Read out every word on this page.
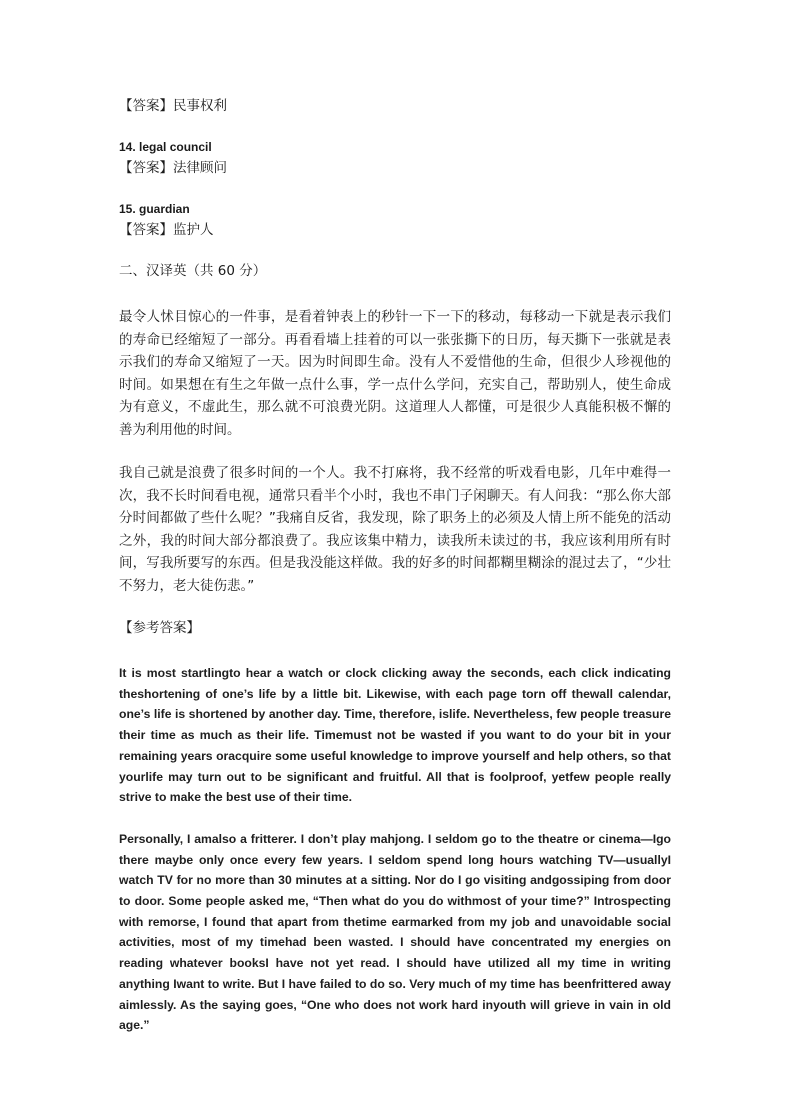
【答案】民事权利
14. legal council
【答案】法律顾问
15. guardian
【答案】监护人
二、汉译英（共 60 分）
最令人怵目惊心的一件事，是看着钟表上的秒针一下一下的移动，每移动一下就是表示我们的寿命已经缩短了一部分。再看看墙上挂着的可以一张张撕下的日历，每天撕下一张就是表示我们的寿命又缩短了一天。因为时间即生命。没有人不爱惜他的生命，但很少人珍视他的时间。如果想在有生之年做一点什么事，学一点什么学问，充实自己，帮助别人，使生命成为有意义，不虚此生，那么就不可浪费光阴。这道理人人都懂，可是很少人真能积极不懈的善为利用他的时间。
我自己就是浪费了很多时间的一个人。我不打麻将，我不经常的听戏看电影，几年中难得一次，我不长时间看电视，通常只看半个小时，我也不串门子闲聊天。有人问我：“那么你大部分时间都做了些什么呢？”我痛自反省，我发现，除了职务上的必须及人情上所不能免的活动之外，我的时间大部分都浪费了。我应该集中精力，读我所未读过的书，我应该利用所有时间，写我所要写的东西。但是我没能这样做。我的好多的时间都糊里糊涂的混过去了，“少壮不努力，老大徒伤悲。”
【参考答案】
It is most startlingto hear a watch or clock clicking away the seconds, each click indicating theshortening of one’s life by a little bit. Likewise, with each page torn off thewall calendar, one’s life is shortened by another day. Time, therefore, islife. Nevertheless, few people treasure their time as much as their life. Timemust not be wasted if you want to do your bit in your remaining years oracquire some useful knowledge to improve yourself and help others, so that yourlife may turn out to be significant and fruitful. All that is foolproof, yetfew people really strive to make the best use of their time.
Personally, I amalso a fritterer. I don’t play mahjong. I seldom go to the theatre or cinema—Igo there maybe only once every few years. I seldom spend long hours watching TV—usuallyI watch TV for no more than 30 minutes at a sitting. Nor do I go visiting andgossiping from door to door. Some people asked me, “Then what do you do withmost of your time?” Introspecting with remorse, I found that apart from thetime earmarked from my job and unavoidable social activities, most of my timehad been wasted. I should have concentrated my energies on reading whatever booksI have not yet read. I should have utilized all my time in writing anything Iwant to write. But I have failed to do so. Very much of my time has beenfrittered away aimlessly. As the saying goes, “One who does not work hard inyouth will grieve in vain in old age.”
